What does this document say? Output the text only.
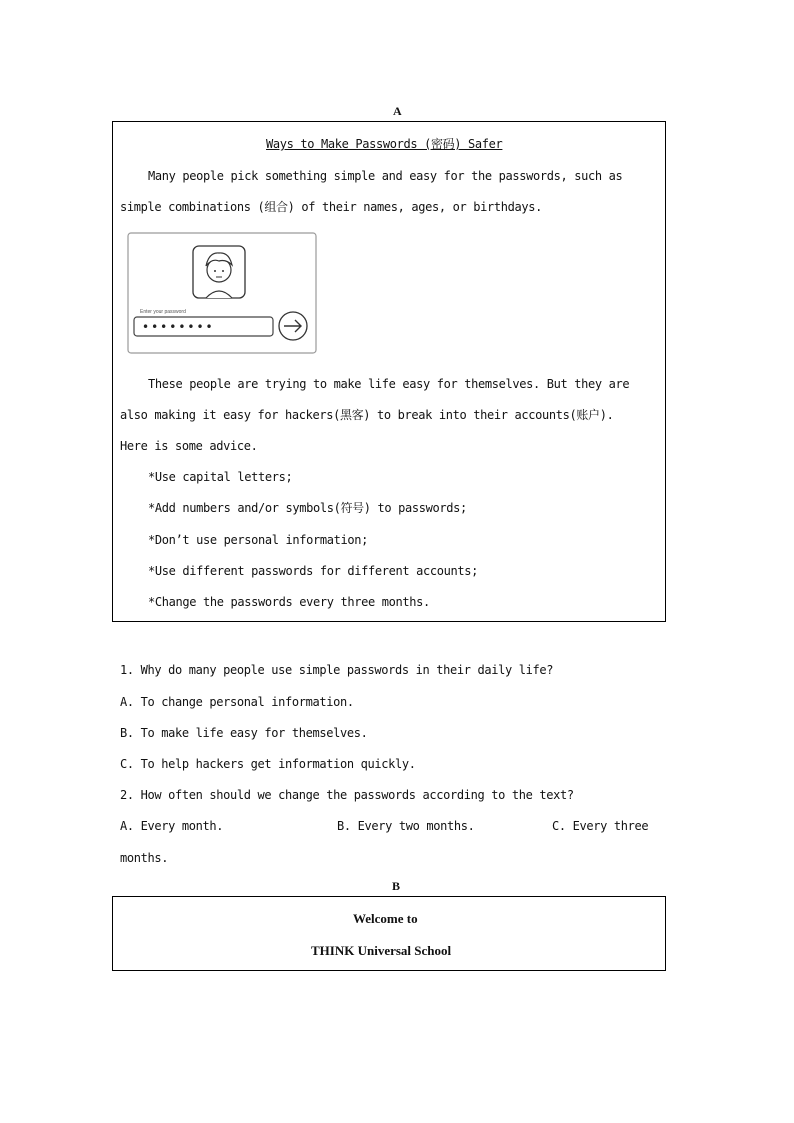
A
Ways to Make Passwords (密码) Safer
Many people pick something simple and easy for the passwords, such as
simple combinations (组合) of their names, ages, or birthdays.
Enter your password
••••••••
These people are trying to make life easy for themselves. But they are
also making it easy for hackers(黑客) to break into their accounts(账户).
Here is some advice.
*Use capital letters;
*Add numbers and/or symbols(符号) to passwords;
*Don’t use personal information;
*Use different passwords for different accounts;
*Change the passwords every three months.
1. Why do many people use simple passwords in their daily life?
A. To change personal information.
B. To make life easy for themselves.
C. To help hackers get information quickly.
2. How often should we change the passwords according to the text?
A. Every month.	B. Every two months.	C. Every three
months.
B
Welcome to
THINK Universal School
